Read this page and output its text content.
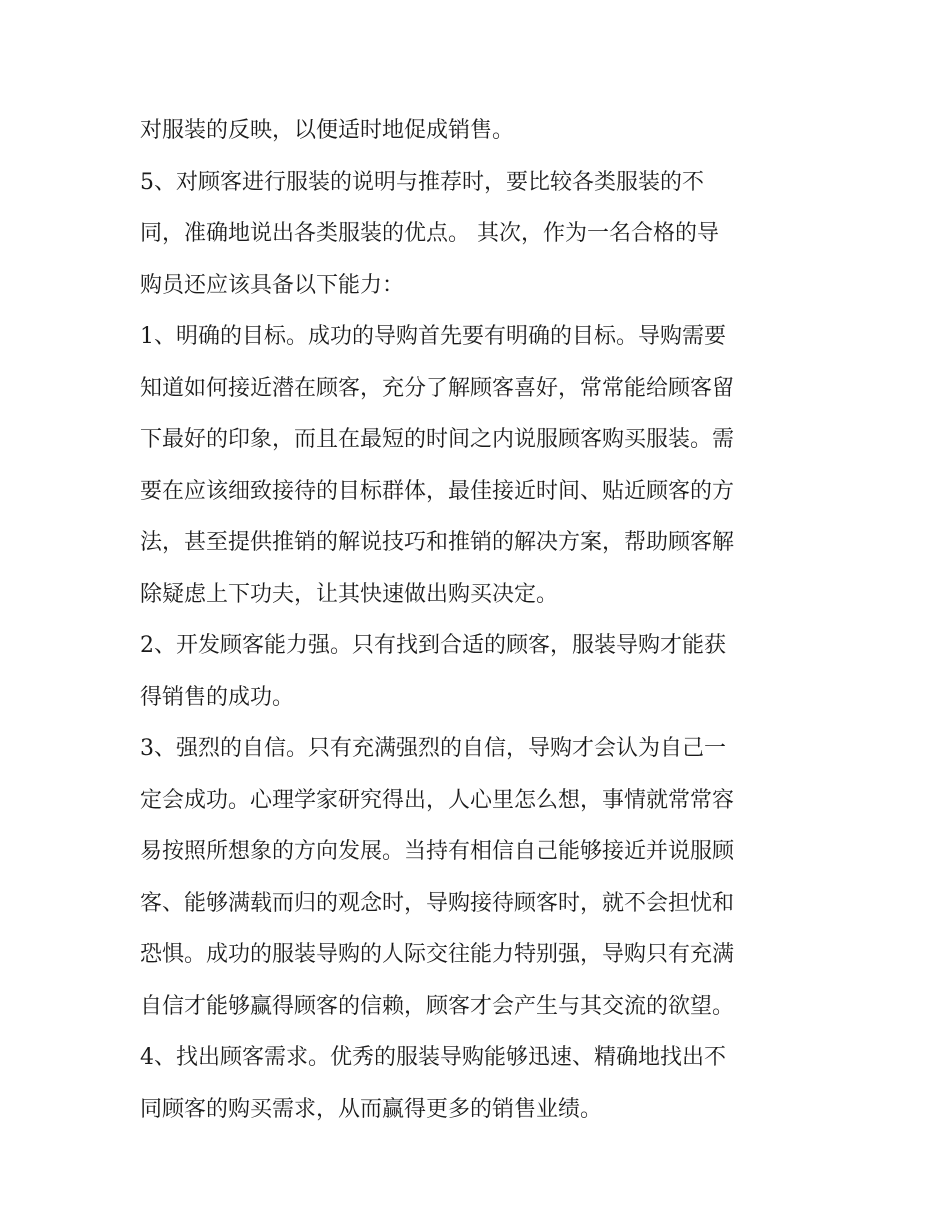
对服装的反映，以便适时地促成销售。
5、对顾客进行服装的说明与推荐时，要比较各类服装的不
同，准确地说出各类服装的优点。 其次，作为一名合格的导
购员还应该具备以下能力：
1、明确的目标。成功的导购首先要有明确的目标。导购需要
知道如何接近潜在顾客，充分了解顾客喜好，常常能给顾客留
下最好的印象，而且在最短的时间之内说服顾客购买服装。需
要在应该细致接待的目标群体，最佳接近时间、贴近顾客的方
法，甚至提供推销的解说技巧和推销的解决方案，帮助顾客解
除疑虑上下功夫，让其快速做出购买决定。
2、开发顾客能力强。只有找到合适的顾客，服装导购才能获
得销售的成功。
3、强烈的自信。只有充满强烈的自信，导购才会认为自己一
定会成功。心理学家研究得出，人心里怎么想，事情就常常容
易按照所想象的方向发展。当持有相信自己能够接近并说服顾
客、能够满载而归的观念时，导购接待顾客时，就不会担忧和
恐惧。成功的服装导购的人际交往能力特别强，导购只有充满
自信才能够赢得顾客的信赖，顾客才会产生与其交流的欲望。
4、找出顾客需求。优秀的服装导购能够迅速、精确地找出不
同顾客的购买需求，从而赢得更多的销售业绩。
